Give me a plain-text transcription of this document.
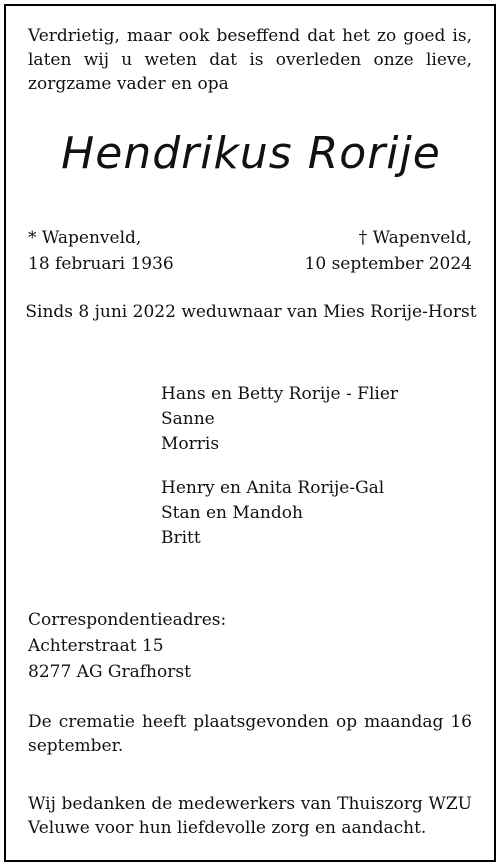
Verdrietig, maar ook beseffend dat het zo goed is, laten wij u weten dat is overleden onze lieve, zorgzame vader en opa
Hendrikus Rorije
* Wapenveld,
18 februari 1936
† Wapenveld,
10 september 2024
Sinds 8 juni 2022 weduwnaar van Mies Rorije-Horst
Hans en Betty Rorije - Flier
Sanne
Morris
Henry en Anita Rorije-Gal
Stan en Mandoh
Britt
Correspondentieadres:
Achterstraat 15
8277 AG Grafhorst
De crematie heeft plaatsgevonden op maandag 16 september.
Wij bedanken de medewerkers van Thuiszorg WZU Veluwe voor hun liefdevolle zorg en aandacht.
